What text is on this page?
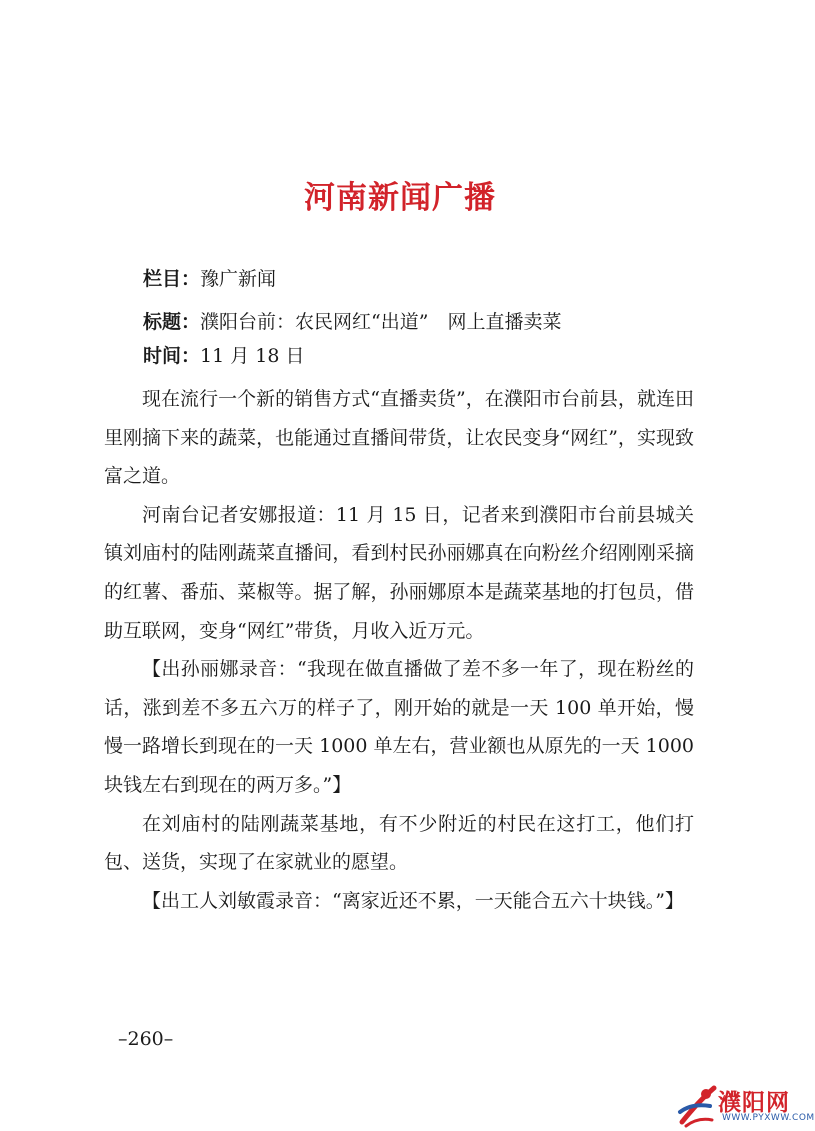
河南新闻广播
栏目：豫广新闻
标题：濮阳台前：农民网红“出道”　网上直播卖菜
时间：11 月 18 日

现在流行一个新的销售方式“直播卖货”，在濮阳市台前县，就连田里刚摘下来的蔬菜，也能通过直播间带货，让农民变身“网红”，实现致富之道。

河南台记者安娜报道：11 月 15 日，记者来到濮阳市台前县城关镇刘庙村的陆刚蔬菜直播间，看到村民孙丽娜真在向粉丝介绍刚刚采摘的红薯、番茄、菜椒等。据了解，孙丽娜原本是蔬菜基地的打包员，借助互联网，变身“网红”带货，月收入近万元。

【出孙丽娜录音：“我现在做直播做了差不多一年了，现在粉丝的话，涨到差不多五六万的样子了，刚开始的就是一天 100 单开始，慢慢一路增长到现在的一天 1000 单左右，营业额也从原先的一天 1000 块钱左右到现在的两万多。”】

在刘庙村的陆刚蔬菜基地，有不少附近的村民在这打工，他们打包、送货，实现了在家就业的愿望。

【出工人刘敏霞录音：“离家近还不累，一天能合五六十块钱。”】

–260–
濮阳网
WWW.PYXWW.COM
